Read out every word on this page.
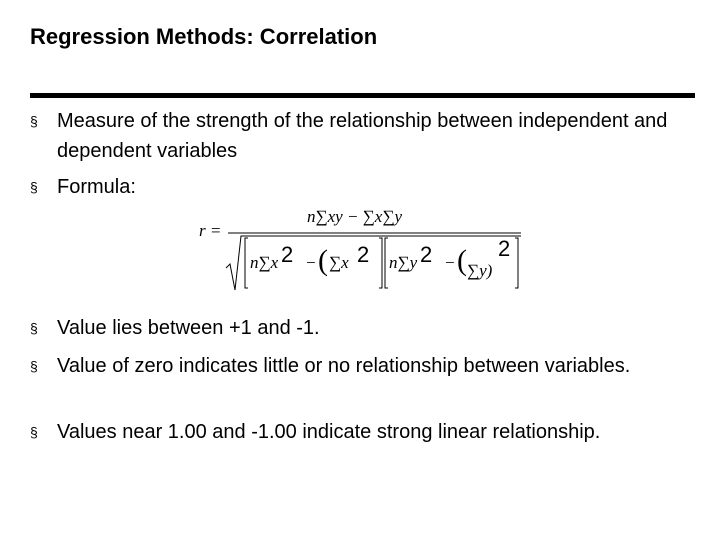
Regression Methods: Correlation
§ Measure of the strength of the relationship between independent and dependent variables
§ Formula:
r =
n∑xy − ∑x∑y
n∑x 2 − ( ∑x 2 n∑y 2 − ( ∑y)
2
§ Value lies between +1 and -1.
§ Value of zero indicates little or no relationship between variables.
§ Values near 1.00 and -1.00 indicate strong linear relationship.
